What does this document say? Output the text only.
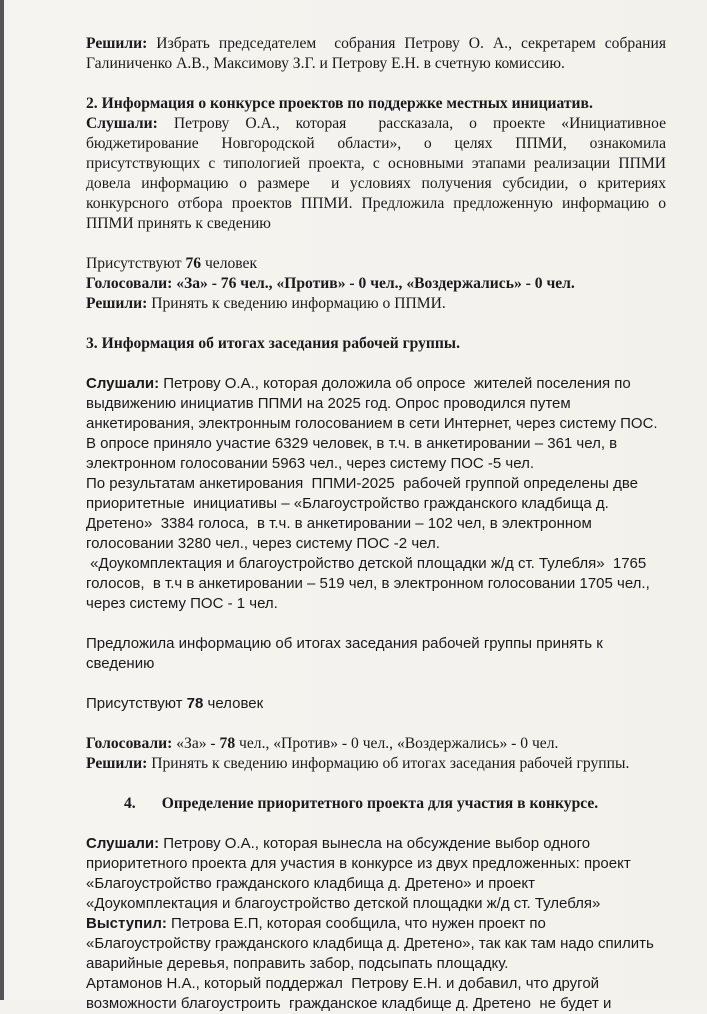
Решили: Избрать председателем  собрания Петрову О. А., секретарем собрания Галиниченко А.В., Максимову З.Г. и Петрову Е.Н. в счетную комиссию.

2. Информация о конкурсе проектов по поддержке местных инициатив.

Слушали: Петрову О.А., которая  рассказала, о проекте «Инициативное бюджетирование Новгородской области», о целях ППМИ, ознакомила присутствующих с типологией проекта, с основными этапами реализации ППМИ довела информацию о размере  и условиях получения субсидии, о критериях конкурсного отбора проектов ППМИ. Предложила предложенную информацию о ППМИ принять к сведению

Присутствуют 76 человек

Голосовали: «За» - 76 чел., «Против» - 0 чел., «Воздержались» - 0 чел.

Решили: Принять к сведению информацию о ППМИ.

3. Информация об итогах заседания рабочей группы.

Слушали: Петрову О.А., которая доложила об опросе  жителей поселения по выдвижению инициатив ППМИ на 2025 год. Опрос проводился путем анкетирования, электронным голосованием в сети Интернет, через систему ПОС. В опросе приняло участие 6329 человек, в т.ч. в анкетировании – 361 чел, в электронном голосовании 5963 чел., через систему ПОС -5 чел.

По результатам анкетирования  ППМИ-2025  рабочей группой определены две приоритетные  инициативы – «Благоустройство гражданского кладбища д. Дретено»  3384 голоса,  в т.ч. в анкетировании – 102 чел, в электронном голосовании 3280 чел., через систему ПОС -2 чел.

«Доукомплектация и благоустройство детской площадки ж/д ст. Тулебля»  1765 голосов,  в т.ч в анкетировании – 519 чел, в электронном голосовании 1705 чел., через систему ПОС - 1 чел.

Предложила информацию об итогах заседания рабочей группы принять к сведению

Присутствуют 78 человек

Голосовали: «За» - 78 чел., «Против» - 0 чел., «Воздержались» - 0 чел.

Решили: Принять к сведению информацию об итогах заседания рабочей группы.

4. Определение приоритетного проекта для участия в конкурсе.

Слушали: Петрову О.А., которая вынесла на обсуждение выбор одного приоритетного проекта для участия в конкурсе из двух предложенных: проект  «Благоустройство гражданского кладбища д. Дретено» и проект «Доукомплектация и благоустройство детской площадки ж/д ст. Тулебля»

Выступил: Петрова Е.П, которая сообщила, что нужен проект по «Благоустройству гражданского кладбища д. Дретено», так как там надо спилить аварийные деревья, поправить забор, подсыпать площадку.

Артамонов Н.А., который поддержал  Петрову Е.Н. и добавил, что другой возможности благоустроить  гражданское кладбище д. Дретено  не будет и
